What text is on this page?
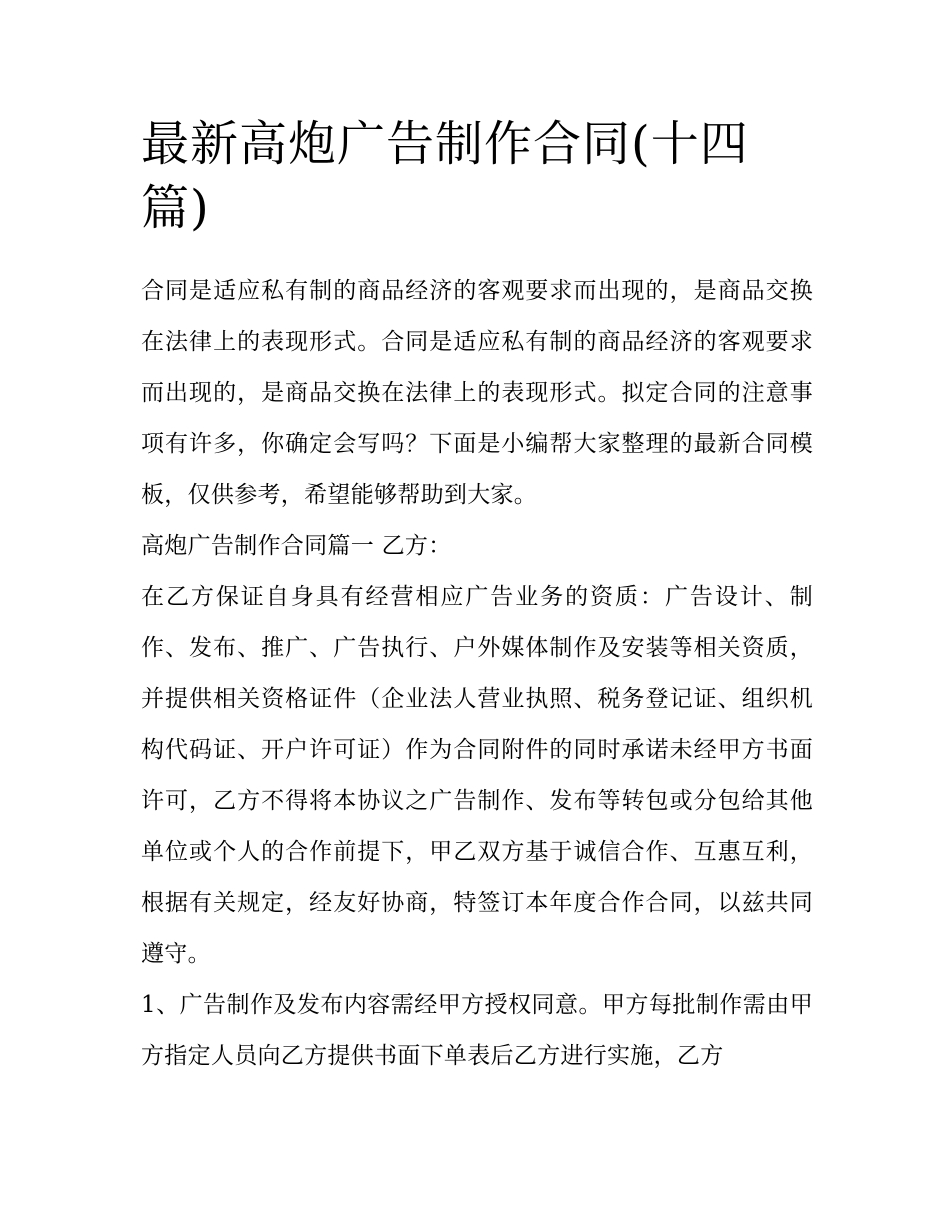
最新高炮广告制作合同(十四篇)

合同是适应私有制的商品经济的客观要求而出现的，是商品交换在法律上的表现形式。合同是适应私有制的商品经济的客观要求而出现的，是商品交换在法律上的表现形式。拟定合同的注意事项有许多，你确定会写吗？下面是小编帮大家整理的最新合同模板，仅供参考，希望能够帮助到大家。

高炮广告制作合同篇一 乙方：

在乙方保证自身具有经营相应广告业务的资质：广告设计、制作、发布、推广、广告执行、户外媒体制作及安装等相关资质，并提供相关资格证件（企业法人营业执照、税务登记证、组织机构代码证、开户许可证）作为合同附件的同时承诺未经甲方书面许可，乙方不得将本协议之广告制作、发布等转包或分包给其他单位或个人的合作前提下，甲乙双方基于诚信合作、互惠互利，根据有关规定，经友好协商，特签订本年度合作合同，以兹共同遵守。

1、广告制作及发布内容需经甲方授权同意。甲方每批制作需由甲方指定人员向乙方提供书面下单表后乙方进行实施，乙方
